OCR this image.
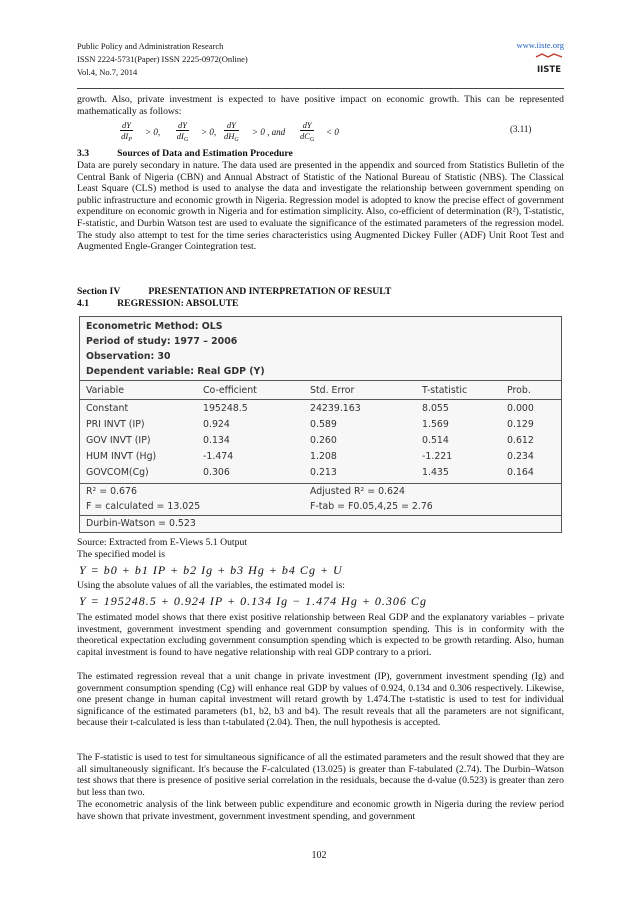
Public Policy and Administration Research
ISSN 2224-5731(Paper) ISSN 2225-0972(Online)
Vol.4, No.7, 2014
www.iiste.org
IISTE
growth. Also, private investment is expected to have positive impact on economic growth. This can be represented mathematically as follows:
dY
$dI_P$
> 0,
dY
$dI_G$
> 0,
dY
$dH_G$
> 0 , and
dY
$dC_G$
< 0	(3.11)
3.3	Sources of Data and Estimation Procedure
Data are purely secondary in nature. The data used are presented in the appendix and sourced from Statistics Bulletin of the Central Bank of Nigeria (CBN) and Annual Abstract of Statistic of the National Bureau of Statistic (NBS). The Classical Least Square (CLS) method is used to analyse the data and investigate the relationship between government spending on public infrastructure and economic growth in Nigeria. Regression model is adopted to know the precise effect of government expenditure on economic growth in Nigeria and for estimation simplicity. Also, co-efficient of determination (R²), T-statistic, F-statistic, and Durbin Watson test are used to evaluate the significance of the estimated parameters of the regression model. The study also attempt to test for the time series characteristics using Augmented Dickey Fuller (ADF) Unit Root Test and Augmented Engle-Granger Cointegration test.
Section IV	PRESENTATION AND INTERPRETATION OF RESULT
4.1	REGRESSION: ABSOLUTE
Econometric Method: OLS
Period of study: 1977 – 2006
Observation: 30
Dependent variable: Real GDP (Y)
Variable	Co-efficient	Std. Error	T-statistic	Prob.
Constant	195248.5	24239.163	8.055	0.000
PRI INVT (IP)	0.924	0.589	1.569	0.129
GOV INVT (IP)	0.134	0.260	0.514	0.612
HUM INVT (Hg)	-1.474	1.208	-1.221	0.234
GOVCOM(Cg)	0.306	0.213	1.435	0.164
R² = 0.676	Adjusted R² = 0.624
F = calculated = 13.025	F-tab = F0.05,4,25 = 2.76
Durbin-Watson = 0.523
Source: Extracted from E-Views 5.1 Output
The specified model is
Y = b0 + b1 IP + b2 Ig + b3 Hg + b4 Cg + U
Using the absolute values of all the variables, the estimated model is:
Y = 195248.5 + 0.924 IP + 0.134 Ig − 1.474 Hg + 0.306 Cg
The estimated model shows that there exist positive relationship between Real GDP and the explanatory variables – private investment, government investment spending and government consumption spending. This is in conformity with the theoretical expectation excluding government consumption spending which is expected to be growth retarding. Also, human capital investment is found to have negative relationship with real GDP contrary to a priori.
The estimated regression reveal that a unit change in private investment (IP), government investment spending (Ig) and government consumption spending (Cg) will enhance real GDP by values of 0.924, 0.134 and 0.306 respectively. Likewise, one present change in human capital investment will retard growth by 1.474.The t-statistic is used to test for individual significance of the estimated parameters (b1, b2, b3 and b4). The result reveals that all the parameters are not significant, because their t-calculated is less than t-tabulated (2.04). Then, the null hypothesis is accepted.
The F-statistic is used to test for simultaneous significance of all the estimated parameters and the result showed that they are all simultaneously significant. It's because the F-calculated (13.025) is greater than F-tabulated (2.74). The Durbin–Watson test shows that there is presence of positive serial correlation in the residuals, because the d-value (0.523) is greater than zero but less than two.
The econometric analysis of the link between public expenditure and economic growth in Nigeria during the review period have shown that private investment, government investment spending, and government
102
